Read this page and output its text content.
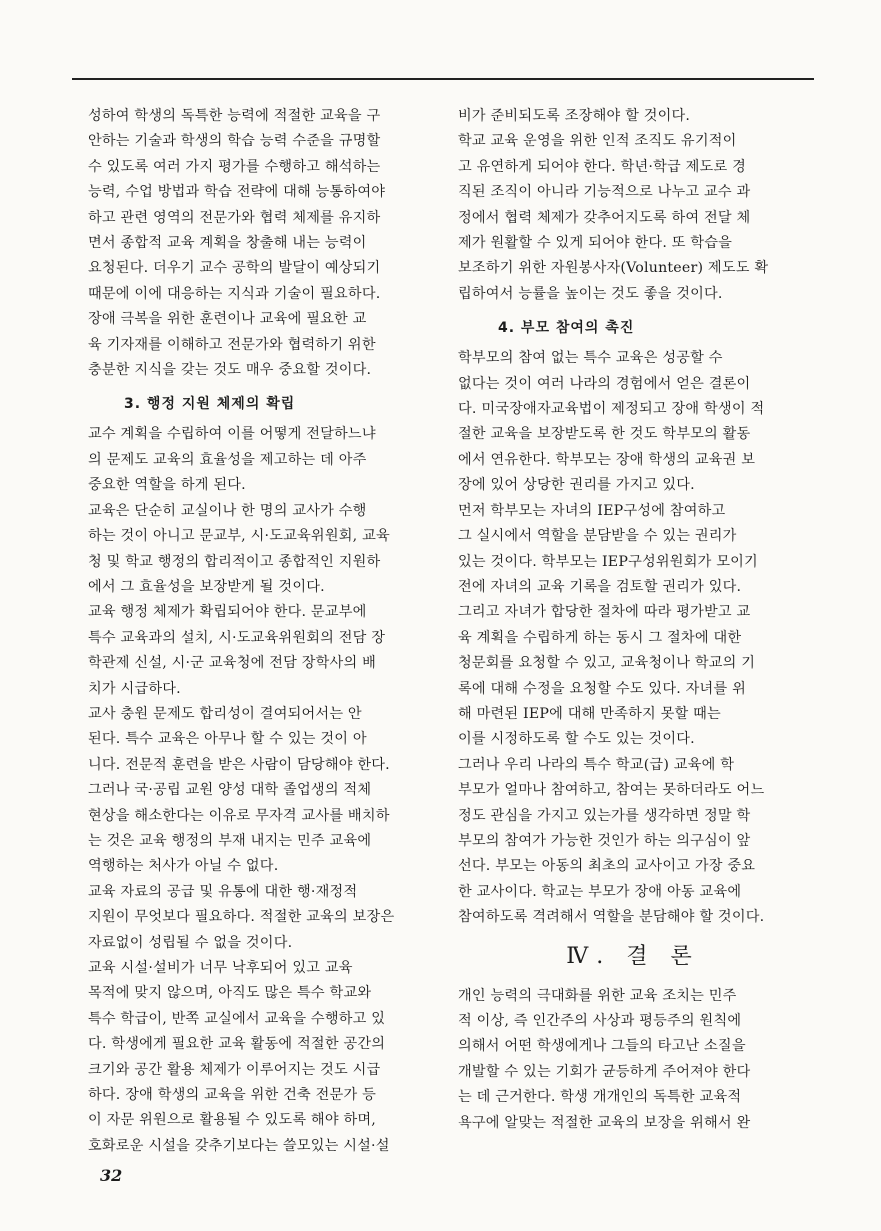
성하여 학생의 독특한 능력에 적절한 교육을 구
안하는 기술과 학생의 학습 능력 수준을 규명할
수 있도록 여러 가지 평가를 수행하고 해석하는
능력, 수업 방법과 학습 전략에 대해 능통하여야
하고 관련 영역의 전문가와 협력 체제를 유지하
면서 종합적 교육 계획을 창출해 내는 능력이
요청된다. 더우기 교수 공학의 발달이 예상되기
때문에 이에 대응하는 지식과 기술이 필요하다.

장애 극복을 위한 훈련이나 교육에 필요한 교
육 기자재를 이해하고 전문가와 협력하기 위한
충분한 지식을 갖는 것도 매우 중요할 것이다.

3. 행정 지원 체제의 확립

교수 계획을 수립하여 이를 어떻게 전달하느냐
의 문제도 교육의 효율성을 제고하는 데 아주
중요한 역할을 하게 된다.

교육은 단순히 교실이나 한 명의 교사가 수행
하는 것이 아니고 문교부, 시·도교육위원회, 교육
청 및 학교 행정의 합리적이고 종합적인 지원하
에서 그 효율성을 보장받게 될 것이다.

교육 행정 체제가 확립되어야 한다. 문교부에
특수 교육과의 설치, 시·도교육위원회의 전담 장
학관제 신설, 시·군 교육청에 전담 장학사의 배
치가 시급하다.

교사 충원 문제도 합리성이 결여되어서는 안
된다. 특수 교육은 아무나 할 수 있는 것이 아
니다. 전문적 훈련을 받은 사람이 담당해야 한다.
그러나 국·공립 교원 양성 대학 졸업생의 적체
현상을 해소한다는 이유로 무자격 교사를 배치하
는 것은 교육 행정의 부재 내지는 민주 교육에
역행하는 처사가 아닐 수 없다.

교육 자료의 공급 및 유통에 대한 행·재정적
지원이 무엇보다 필요하다. 적절한 교육의 보장은
자료없이 성립될 수 없을 것이다.

교육 시설·설비가 너무 낙후되어 있고 교육
목적에 맞지 않으며, 아직도 많은 특수 학교와
특수 학급이, 반쪽 교실에서 교육을 수행하고 있
다. 학생에게 필요한 교육 활동에 적절한 공간의
크기와 공간 활용 체제가 이루어지는 것도 시급
하다. 장애 학생의 교육을 위한 건축 전문가 등
이 자문 위원으로 활용될 수 있도록 해야 하며,
호화로운 시설을 갖추기보다는 쓸모있는 시설·설

비가 준비되도록 조장해야 할 것이다.

학교 교육 운영을 위한 인적 조직도 유기적이
고 유연하게 되어야 한다. 학년·학급 제도로 경
직된 조직이 아니라 기능적으로 나누고 교수 과
정에서 협력 체제가 갖추어지도록 하여 전달 체
제가 원활할 수 있게 되어야 한다. 또 학습을
보조하기 위한 자원봉사자(Volunteer) 제도도 확
립하여서 능률을 높이는 것도 좋을 것이다.

4. 부모 참여의 촉진

학부모의 참여 없는 특수 교육은 성공할 수
없다는 것이 여러 나라의 경험에서 얻은 결론이
다. 미국장애자교육법이 제정되고 장애 학생이 적
절한 교육을 보장받도록 한 것도 학부모의 활동
에서 연유한다. 학부모는 장애 학생의 교육권 보
장에 있어 상당한 권리를 가지고 있다.

먼저 학부모는 자녀의 IEP구성에 참여하고
그 실시에서 역할을 분담받을 수 있는 권리가
있는 것이다. 학부모는 IEP구성위원회가 모이기
전에 자녀의 교육 기록을 검토할 권리가 있다.
그리고 자녀가 합당한 절차에 따라 평가받고 교
육 계획을 수립하게 하는 동시 그 절차에 대한
청문회를 요청할 수 있고, 교육청이나 학교의 기
록에 대해 수정을 요청할 수도 있다. 자녀를 위
해 마련된 IEP에 대해 만족하지 못할 때는
이를 시정하도록 할 수도 있는 것이다.

그러나 우리 나라의 특수 학교(급) 교육에 학
부모가 얼마나 참여하고, 참여는 못하더라도 어느
정도 관심을 가지고 있는가를 생각하면 정말 학
부모의 참여가 가능한 것인가 하는 의구심이 앞
선다. 부모는 아동의 최초의 교사이고 가장 중요
한 교사이다. 학교는 부모가 장애 아동 교육에
참여하도록 격려해서 역할을 분담해야 할 것이다.

Ⅳ. 결 론

개인 능력의 극대화를 위한 교육 조치는 민주
적 이상, 즉 인간주의 사상과 평등주의 원칙에
의해서 어떤 학생에게나 그들의 타고난 소질을
개발할 수 있는 기회가 균등하게 주어져야 한다
는 데 근거한다. 학생 개개인의 독특한 교육적
욕구에 알맞는 적절한 교육의 보장을 위해서 완

32
